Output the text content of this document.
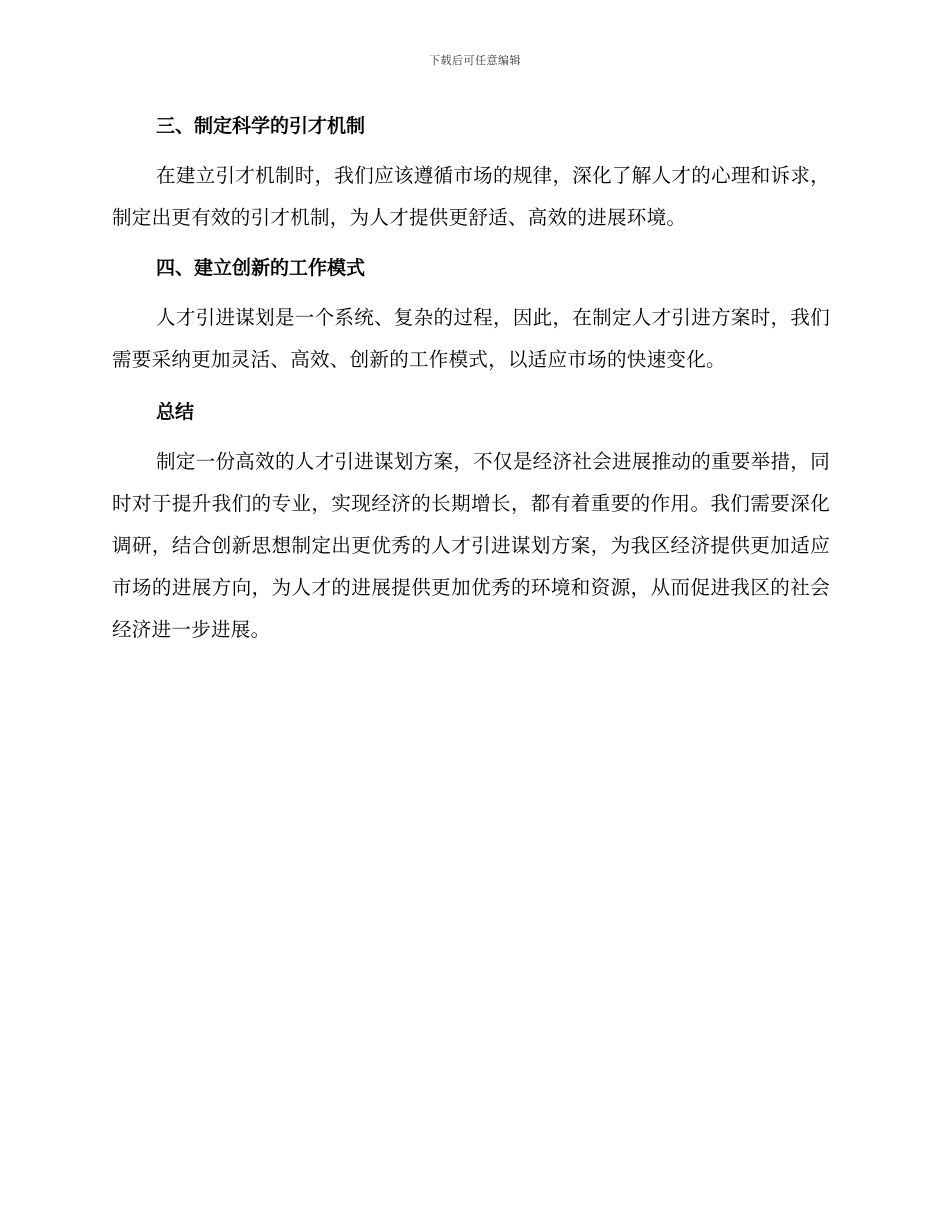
下载后可任意编辑
三、制定科学的引才机制

在建立引才机制时，我们应该遵循市场的规律，深化了解人才的心理和诉求，制定出更有效的引才机制，为人才提供更舒适、高效的进展环境。

四、建立创新的工作模式

人才引进谋划是一个系统、复杂的过程，因此，在制定人才引进方案时，我们需要采纳更加灵活、高效、创新的工作模式，以适应市场的快速变化。

总结

制定一份高效的人才引进谋划方案，不仅是经济社会进展推动的重要举措，同时对于提升我们的专业，实现经济的长期增长，都有着重要的作用。我们需要深化调研，结合创新思想制定出更优秀的人才引进谋划方案，为我区经济提供更加适应市场的进展方向，为人才的进展提供更加优秀的环境和资源，从而促进我区的社会经济进一步进展。
